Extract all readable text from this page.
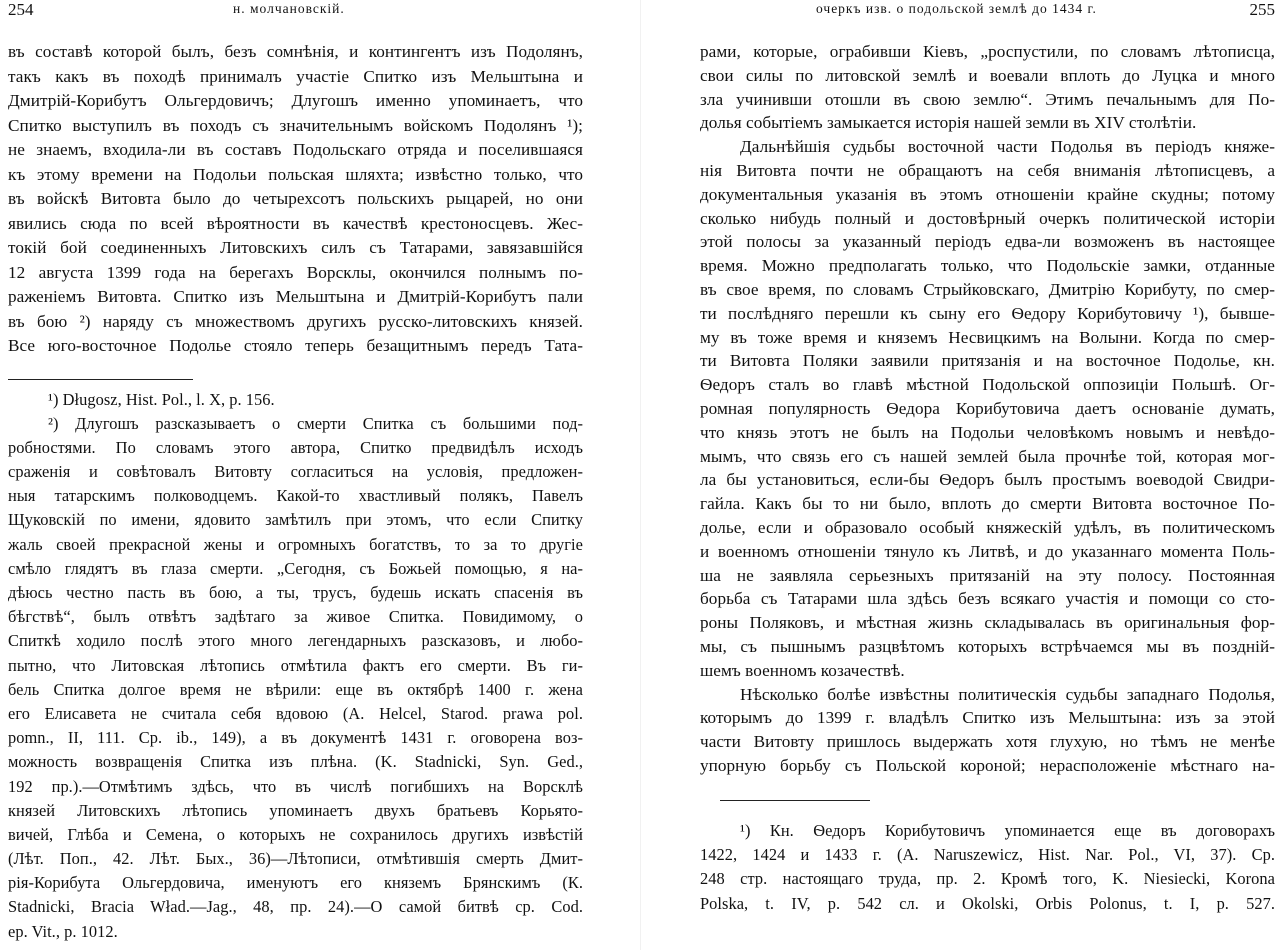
254	н. молчановскій.
въ составѣ которой былъ, безъ сомнѣнія, и контингентъ изъ Подолянъ,
такъ какъ въ походѣ принималъ участіе Спитко изъ Мельштына и
Дмитрій-Корибутъ Ольгердовичъ; Длугошъ именно упоминаетъ, что
Спитко выступилъ въ походъ съ значительнымъ войскомъ Подолянъ ¹);
не знаемъ, входила-ли въ составъ Подольскаго отряда и поселившаяся
къ этому времени на Подольи польская шляхта; извѣстно только, что
въ войскѣ Витовта было до четырехсотъ польскихъ рыцарей, но они
явились сюда по всей вѣроятности въ качествѣ крестоносцевъ. Жес-
токій бой соединенныхъ Литовскихъ силъ съ Татарами, завязавшійся
12 августа 1399 года на берегахъ Ворсклы, окончился полнымъ по-
раженіемъ Витовта. Спитко изъ Мельштына и Дмитрій-Корибутъ пали
въ бою ²) наряду съ множествомъ другихъ русско-литовскихъ князей.
Все юго-восточное Подолье стояло теперь безащитнымъ передъ Тата-
¹) Długosz, Hist. Pol., l. X, p. 156.
²) Длугошъ разсказываетъ о смерти Спитка съ большими под-
робностями. По словамъ этого автора, Спитко предвидѣлъ исходъ
сраженія и совѣтовалъ Витовту согласиться на условія, предложен-
ныя татарскимъ полководцемъ. Какой-то хвастливый полякъ, Павелъ
Щуковскій по имени, ядовито замѣтилъ при этомъ, что если Спитку
жаль своей прекрасной жены и огромныхъ богатствъ, то за то другіе
смѣло глядятъ въ глаза смерти. „Сегодня, съ Божьей помощью, я на-
дѣюсь честно пасть въ бою, а ты, трусъ, будешь искать спасенія въ
бѣгствѣ“, былъ отвѣтъ задѣтаго за живое Спитка. Повидимому, о
Спиткѣ ходило послѣ этого много легендарныхъ разсказовъ, и любо-
пытно, что Литовская лѣтопись отмѣтила фактъ его смерти. Въ ги-
бель Спитка долгое время не вѣрили: еще въ октябрѣ 1400 г. жена
его Елисавета не считала себя вдовою (A. Helcel, Starod. prawa pol.
pomn., II, 111. Ср. ib., 149), а въ документѣ 1431 г. оговорена воз-
можность возвращенія Спитка изъ плѣна. (K. Stadnicki, Syn. Ged.,
192 пр.).—Отмѣтимъ здѣсь, что въ числѣ погибшихъ на Ворсклѣ
князей Литовскихъ лѣтопись упоминаетъ двухъ братьевъ Корьято-
вичей, Глѣба и Семена, о которыхъ не сохранилось другихъ извѣстій
(Лѣт. Поп., 42. Лѣт. Бых., 36)—Лѣтописи, отмѣтившія смерть Дмит-
рія-Корибута Ольгердовича, именуютъ его княземъ Брянскимъ (К.
Stadnicki, Bracia Wład.—Jag., 48, пр. 24).—О самой битвѣ ср. Cod.
ep. Vit., p. 1012.
очеркъ изв. о подольской землѣ до 1434 г.	255
рами, которые, ограбивши Кіевъ, „роспустили, по словамъ лѣтописца,
свои силы по литовской землѣ и воевали вплоть до Луцка и много
зла учинивши отошли въ свою землю“. Этимъ печальнымъ для По-
долья событіемъ замыкается исторія нашей земли въ XIV столѣтіи.
Дальнѣйшія судьбы восточной части Подолья въ періодъ княже-
нія Витовта почти не обращаютъ на себя вниманія лѣтописцевъ, а
документальныя указанія въ этомъ отношеніи крайне скудны; потому
сколько нибудь полный и достовѣрный очеркъ политической исторіи
этой полосы за указанный періодъ едва-ли возможенъ въ настоящее
время. Можно предполагать только, что Подольскіе замки, отданные
въ свое время, по словамъ Стрыйковскаго, Дмитрію Корибуту, по смер-
ти послѣдняго перешли къ сыну его Ѳедору Корибутовичу ¹), бывше-
му въ тоже время и княземъ Несвицкимъ на Волыни. Когда по смер-
ти Витовта Поляки заявили притязанія и на восточное Подолье, кн.
Ѳедоръ сталъ во главѣ мѣстной Подольской оппозиціи Польшѣ. Ог-
ромная популярность Ѳедора Корибутовича даетъ основаніе думать,
что князь этотъ не былъ на Подольи человѣкомъ новымъ и невѣдо-
мымъ, что связь его съ нашей землей была прочнѣе той, которая мог-
ла бы установиться, если-бы Ѳедоръ былъ простымъ воеводой Свидри-
гайла. Какъ бы то ни было, вплоть до смерти Витовта восточное По-
долье, если и образовало особый княжескій удѣлъ, въ политическомъ
и военномъ отношеніи тянуло къ Литвѣ, и до указаннаго момента Поль-
ша не заявляла серьезныхъ притязаній на эту полосу. Постоянная
борьба съ Татарами шла здѣсь безъ всякаго участія и помощи со сто-
роны Поляковъ, и мѣстная жизнь складывалась въ оригинальныя фор-
мы, съ пышнымъ разцвѣтомъ которыхъ встрѣчаемся мы въ поздній-
шемъ военномъ козачествѣ.
Нѣсколько болѣе извѣстны политическія судьбы западнаго Подолья,
которымъ до 1399 г. владѣлъ Спитко изъ Мельштына: изъ за этой
части Витовту пришлось выдержать хотя глухую, но тѣмъ не менѣе
упорную борьбу съ Польской короной; нерасположеніе мѣстнаго на-
¹) Кн. Ѳедоръ Корибутовичъ упоминается еще въ договорахъ
1422, 1424 и 1433 г. (A. Naruszewicz, Hist. Nar. Pol., VI, 37). Ср.
248 стр. настоящаго труда, пр. 2. Кромѣ того, K. Niesiecki, Korona
Polska, t. IV, p. 542 сл. и Okolski, Orbis Polonus, t. I, p. 527.
